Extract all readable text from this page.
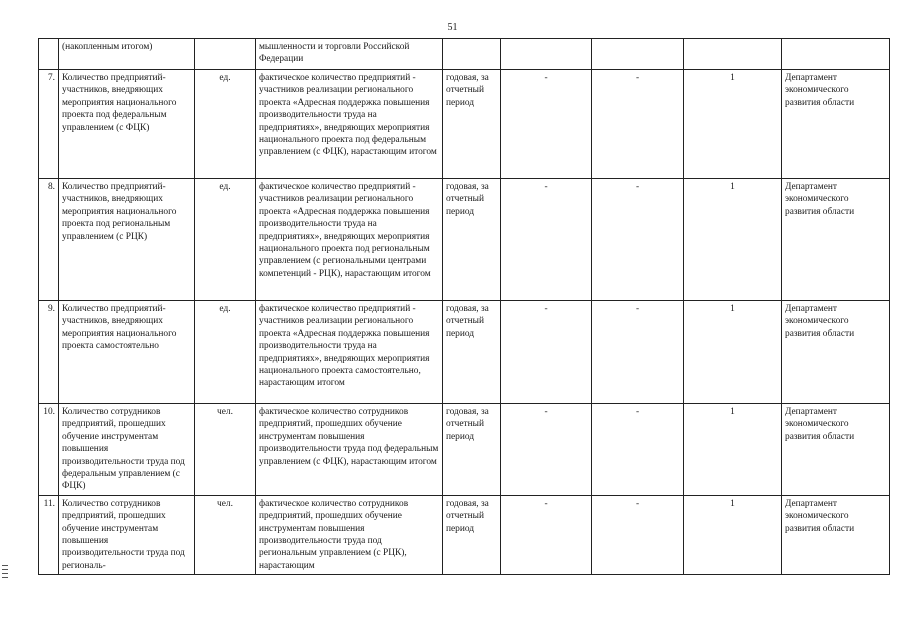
51
	(накопленным итогом)		мышленности и торговли Российской Федерации					
7.	Количество предприятий-участников, внедряющих мероприятия национального проекта под федеральным управлением (с ФЦК)	ед.	фактическое количество предприятий - участников реализации регионального проекта «Адресная поддержка повышения производительности труда на предприятиях», внедряющих мероприятия национального проекта под федеральным управлением (с ФЦК), нарастающим итогом	годовая, за отчетный период	-	-	1	Департамент экономического развития области
8.	Количество предприятий-участников, внедряющих мероприятия национального проекта под региональным управлением (с РЦК)	ед.	фактическое количество предприятий - участников реализации регионального проекта «Адресная поддержка повышения производительности труда на предприятиях», внедряющих мероприятия национального проекта под региональным управлением (с региональными центрами компетенций - РЦК), нарастающим итогом	годовая, за отчетный период	-	-	1	Департамент экономического развития области
9.	Количество предприятий-участников, внедряющих мероприятия национального проекта самостоятельно	ед.	фактическое количество предприятий - участников реализации регионального проекта «Адресная поддержка повышения производительности труда на предприятиях», внедряющих мероприятия национального проекта самостоятельно, нарастающим итогом	годовая, за отчетный период	-	-	1	Департамент экономического развития области
10.	Количество сотрудников предприятий, прошедших обучение инструментам повышения производительности труда под федеральным управлением (с ФЦК)	чел.	фактическое количество сотрудников предприятий, прошедших обучение инструментам повышения производительности труда под федеральным управлением (с ФЦК), нарастающим итогом	годовая, за отчетный период	-	-	1	Департамент экономического развития области
11.	Количество сотрудников предприятий, прошедших обучение инструментам повышения производительности труда под региональ-	чел.	фактическое количество сотрудников предприятий, прошедших обучение инструментам повышения производительности труда под региональным управлением (с РЦК), нарастающим	годовая, за отчетный период	-	-	1	Департамент экономического развития области
